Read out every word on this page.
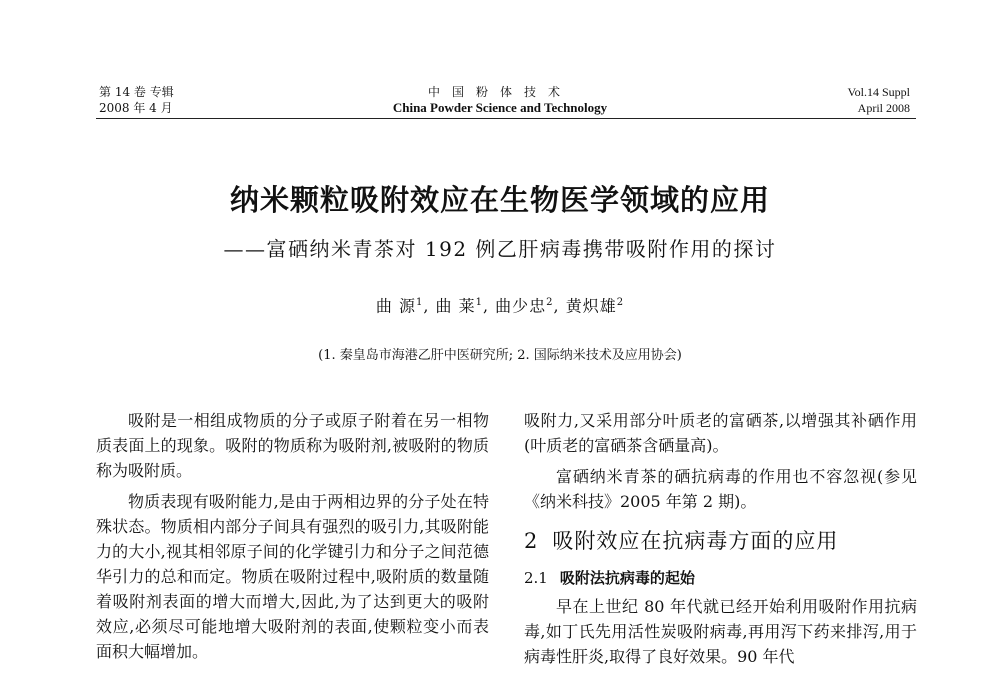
第 14 卷 专辑
2008 年 4 月
中国粉体技术
China Powder Science and Technology
Vol.14 Suppl
April 2008
纳米颗粒吸附效应在生物医学领域的应用
——富硒纳米青茶对 192 例乙肝病毒携带吸附作用的探讨
曲 源$^1$, 曲 莱$^1$, 曲少忠$^2$, 黄炽雄$^2$
(1. 秦皇岛市海港乙肝中医研究所; 2. 国际纳米技术及应用协会)

吸附是一相组成物质的分子或原子附着在另一相物质表面上的现象。吸附的物质称为吸附剂,被吸附的物质称为吸附质。

物质表现有吸附能力,是由于两相边界的分子处在特殊状态。物质相内部分子间具有强烈的吸引力,其吸附能力的大小,视其相邻原子间的化学键引力和分子之间范德华引力的总和而定。物质在吸附过程中,吸附质的数量随着吸附剂表面的增大而增大,因此,为了达到更大的吸附效应,必须尽可能地增大吸附剂的表面,使颗粒变小而表面积大幅增加。

吸附力,又采用部分叶质老的富硒茶,以增强其补硒作用(叶质老的富硒茶含硒量高)。

富硒纳米青茶的硒抗病毒的作用也不容忽视(参见《纳米科技》2005 年第 2 期)。

2 吸附效应在抗病毒方面的应用
2.1 吸附法抗病毒的起始

早在上世纪 80 年代就已经开始利用吸附作用抗病毒,如丁氏先用活性炭吸附病毒,再用泻下药来排泻,用于病毒性肝炎,取得了良好效果。90 年代
